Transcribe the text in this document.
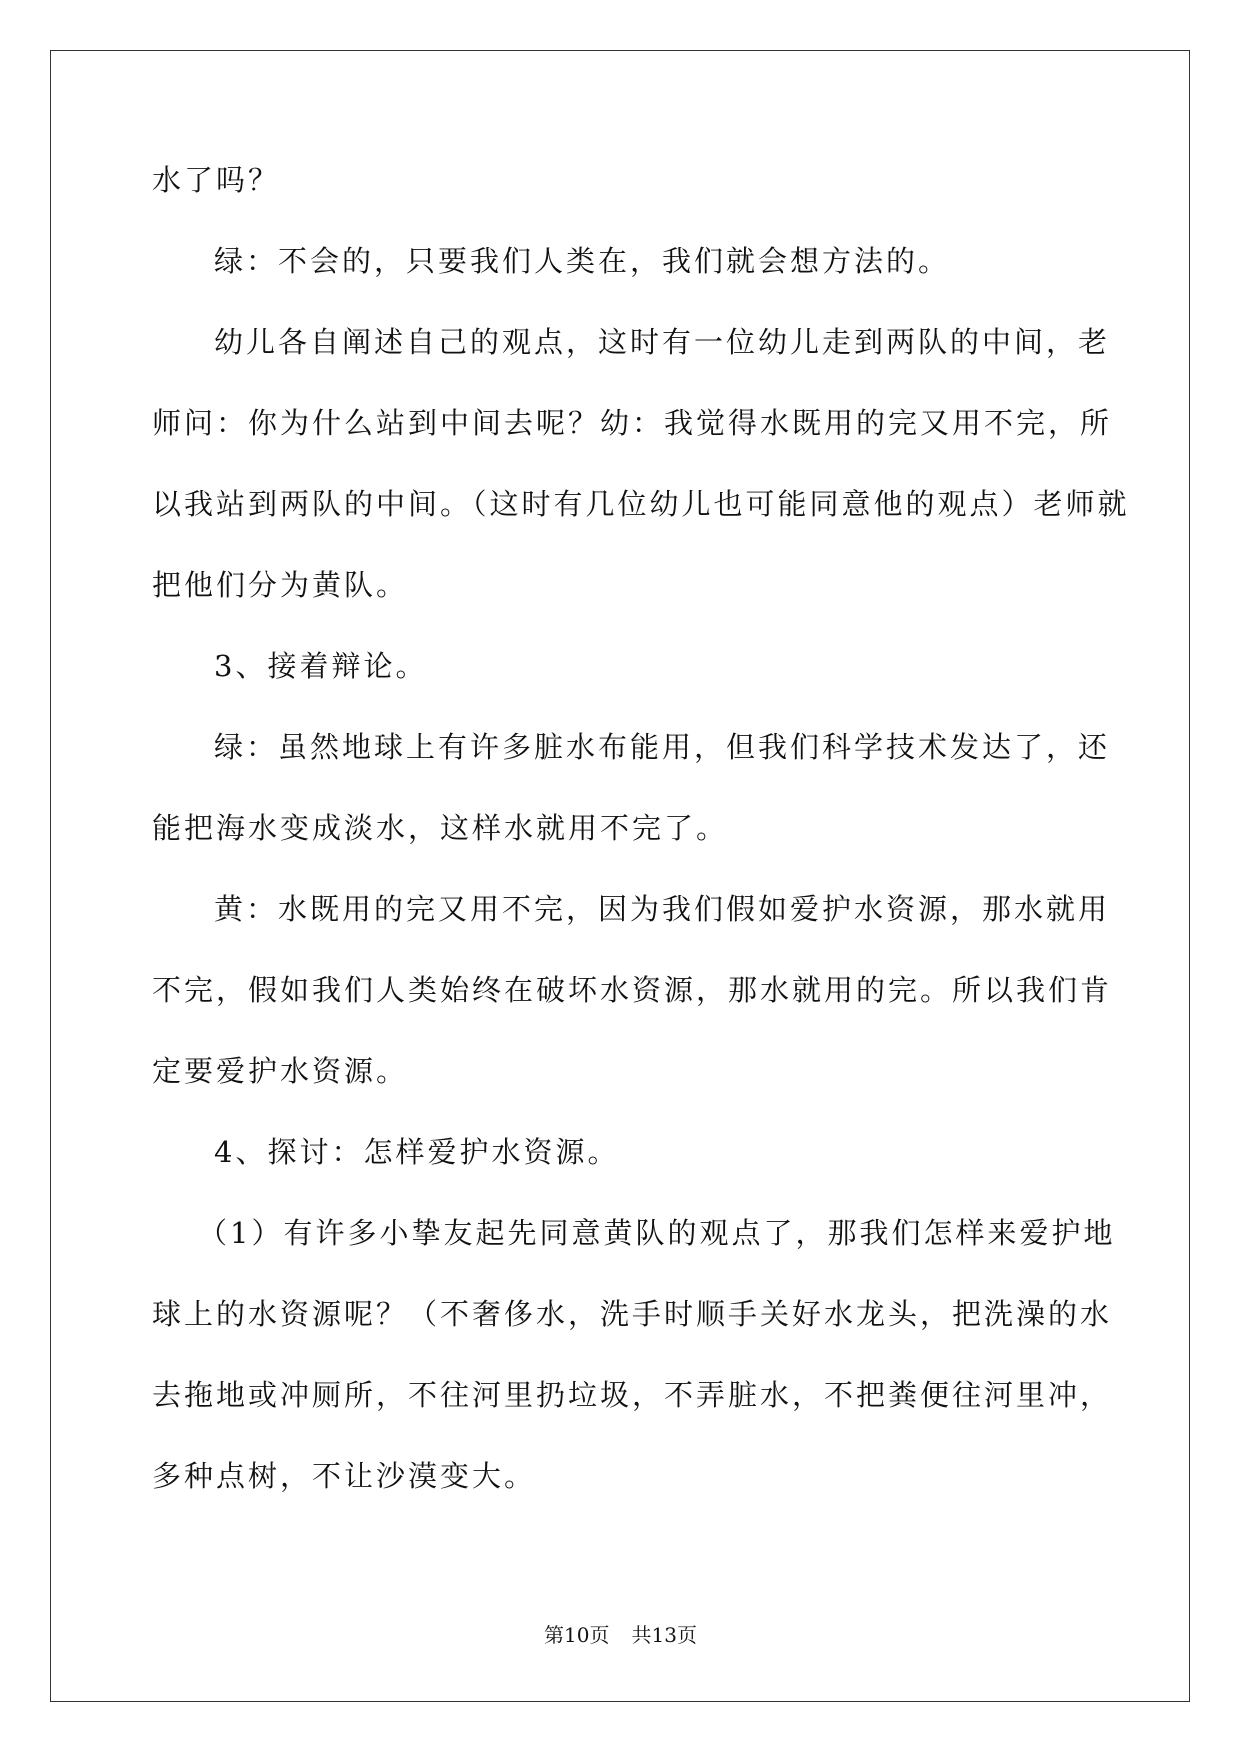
水了吗？
绿：不会的，只要我们人类在，我们就会想方法的。
幼儿各自阐述自己的观点，这时有一位幼儿走到两队的中间，老
师问：你为什么站到中间去呢？幼：我觉得水既用的完又用不完，所
以我站到两队的中间。（这时有几位幼儿也可能同意他的观点）老师就
把他们分为黄队。
3、接着辩论。
绿：虽然地球上有许多脏水布能用，但我们科学技术发达了，还
能把海水变成淡水，这样水就用不完了。
黄：水既用的完又用不完，因为我们假如爱护水资源，那水就用
不完，假如我们人类始终在破坏水资源，那水就用的完。所以我们肯
定要爱护水资源。
4、探讨：怎样爱护水资源。
（1）有许多小挚友起先同意黄队的观点了，那我们怎样来爱护地
球上的水资源呢？（不奢侈水，洗手时顺手关好水龙头，把洗澡的水
去拖地或冲厕所，不往河里扔垃圾，不弄脏水，不把粪便往河里冲，
多种点树，不让沙漠变大。
第10页 共13页
